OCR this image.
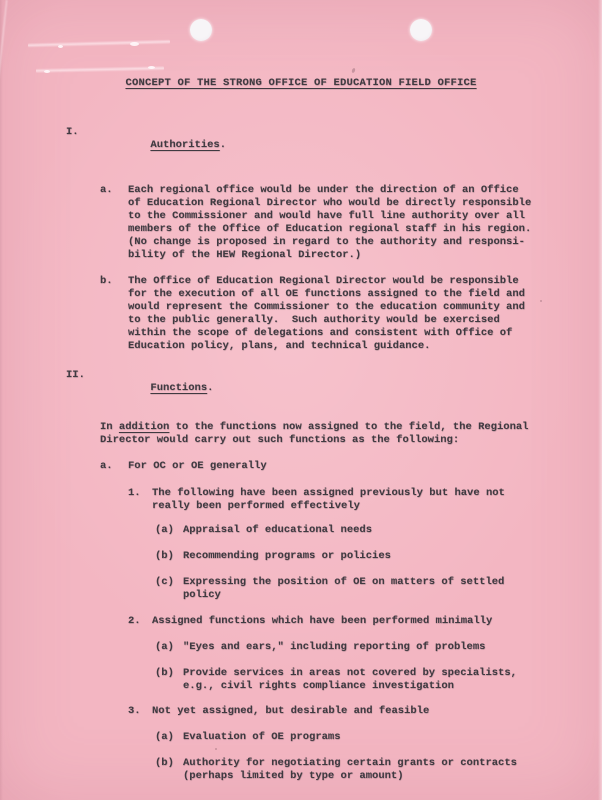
CONCEPT OF THE STRONG OFFICE OF EDUCATION FIELD OFFICE
I.

Authorities.

a. Each regional office would be under the direction of an Office
of Education Regional Director who would be directly responsible
to the Commissioner and would have full line authority over all
members of the Office of Education regional staff in his region.
(No change is proposed in regard to the authority and responsi-
bility of the HEW Regional Director.)
b. The Office of Education Regional Director would be responsible
for the execution of all OE functions assigned to the field and
would represent the Commissioner to the education community and
to the public generally.  Such authority would be exercised
within the scope of delegations and consistent with Office of
Education policy, plans, and technical guidance.
II.

Functions.

In addition to the functions now assigned to the field, the Regional
Director would carry out such functions as the following:
a. For OC or OE generally
1. The following have been assigned previously but have not
really been performed effectively
(a) Appraisal of educational needs
(b) Recommending programs or policies
(c) Expressing the position of OE on matters of settled
policy
2. Assigned functions which have been performed minimally
(a) "Eyes and ears," including reporting of problems
(b) Provide services in areas not covered by specialists,
e.g., civil rights compliance investigation
3. Not yet assigned, but desirable and feasible
(a) Evaluation of OE programs
(b) Authority for negotiating certain grants or contracts
(perhaps limited by type or amount)
